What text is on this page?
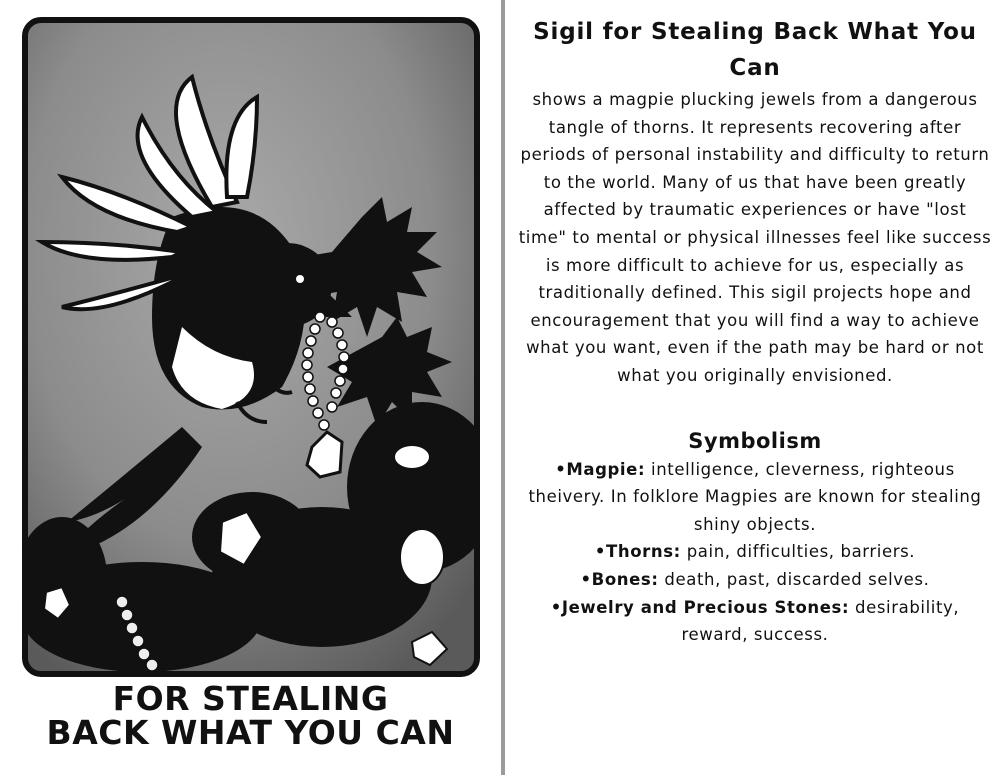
FOR STEALING
BACK WHAT YOU CAN
Sigil for Stealing Back What You Can
shows a magpie plucking jewels from a dangerous tangle of thorns. It represents recovering after periods of personal instability and difficulty to return to the world. Many of us that have been greatly affected by traumatic experiences or have "lost time" to mental or physical illnesses feel like success is more difficult to achieve for us, especially as traditionally defined. This sigil projects hope and encouragement that you will find a way to achieve what you want, even if the path may be hard or not what you originally envisioned.
Symbolism
•Magpie: intelligence, cleverness, righteous theivery. In folklore Magpies are known for stealing shiny objects.
•Thorns: pain, difficulties, barriers.
•Bones: death, past, discarded selves.
•Jewelry and Precious Stones: desirability, reward, success.
